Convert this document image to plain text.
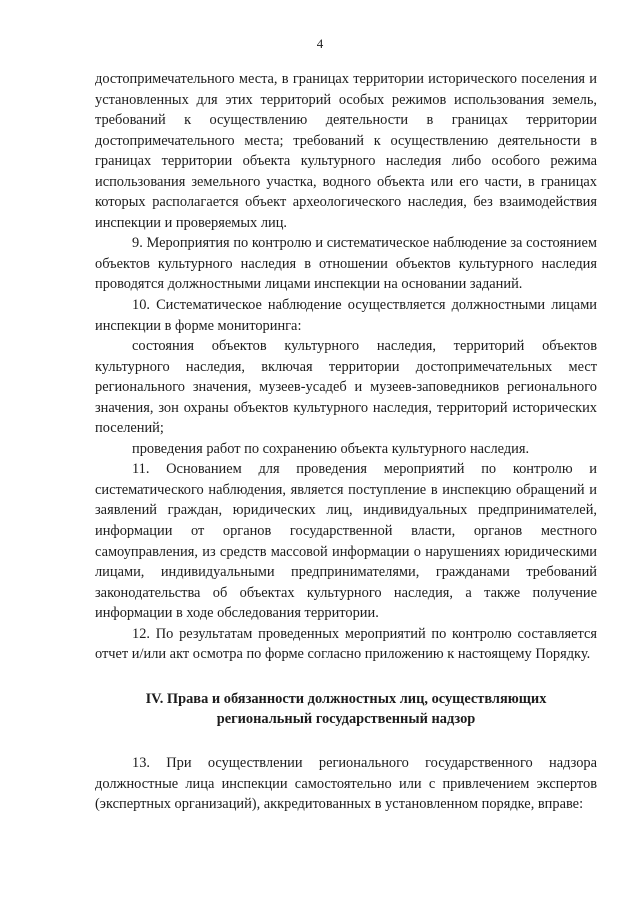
4

достопримечательного места, в границах территории исторического поселения и установленных для этих территорий особых режимов использования земель, требований к осуществлению деятельности в границах территории достопримечательного места; требований к осуществлению деятельности в границах территории объекта культурного наследия либо особого режима использования земельного участка, водного объекта или его части, в границах которых располагается объект археологического наследия, без взаимодействия инспекции и проверяемых лиц.

9. Мероприятия по контролю и систематическое наблюдение за состоянием объектов культурного наследия в отношении объектов культурного наследия проводятся должностными лицами инспекции на основании заданий.

10. Систематическое наблюдение осуществляется должностными лицами инспекции в форме мониторинга:

состояния объектов культурного наследия, территорий объектов культурного наследия, включая территории достопримечательных мест регионального значения, музеев-усадеб и музеев-заповедников регионального значения, зон охраны объектов культурного наследия, территорий исторических поселений;

проведения работ по сохранению объекта культурного наследия.

11. Основанием для проведения мероприятий по контролю и систематического наблюдения, является поступление в инспекцию обращений и заявлений граждан, юридических лиц, индивидуальных предпринимателей, информации от органов государственной власти, органов местного самоуправления, из средств массовой информации о нарушениях юридическими лицами, индивидуальными предпринимателями, гражданами требований законодательства об объектах культурного наследия, а также получение информации в ходе обследования территории.

12. По результатам проведенных мероприятий по контролю составляется отчет и/или акт осмотра по форме согласно приложению к настоящему Порядку.

IV. Права и обязанности должностных лиц, осуществляющих
региональный государственный надзор

13. При осуществлении регионального государственного надзора должностные лица инспекции самостоятельно или с привлечением экспертов (экспертных организаций), аккредитованных в установленном порядке, вправе:
